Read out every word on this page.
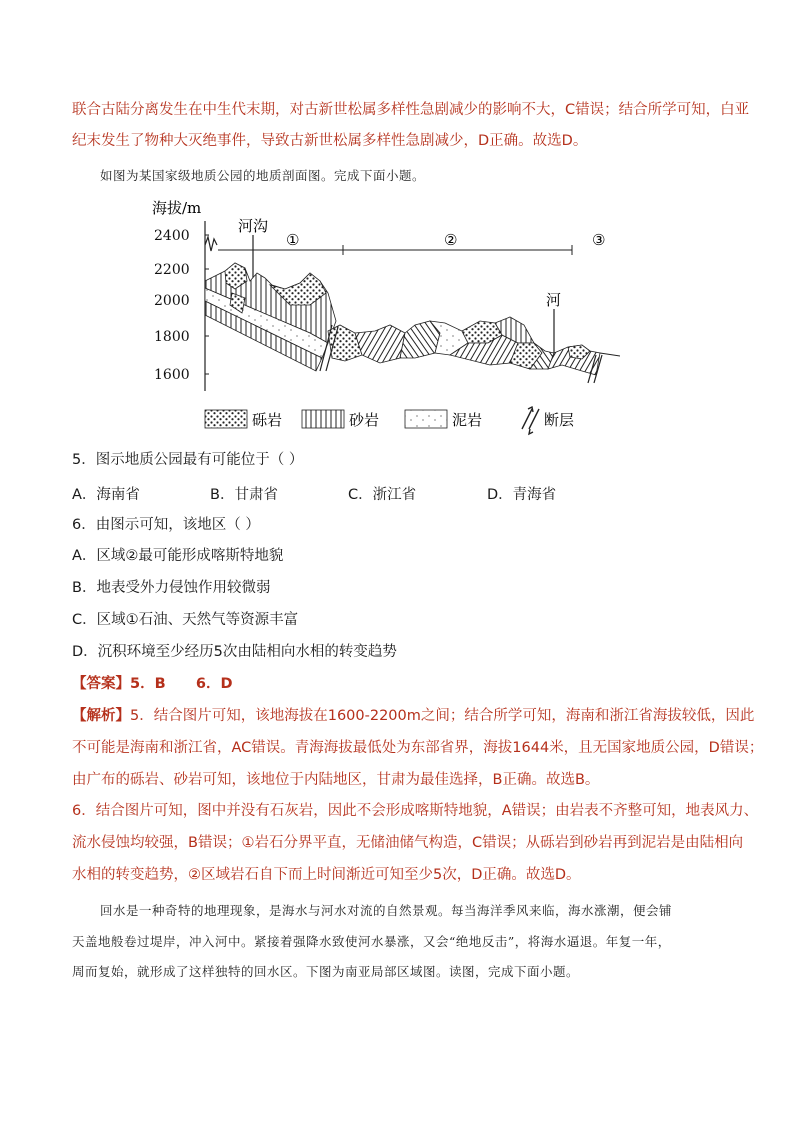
联合古陆分离发生在中生代末期，对古新世松属多样性急剧减少的影响不大，C错误；结合所学可知，白亚
纪末发生了物种大灭绝事件，导致古新世松属多样性急剧减少，D正确。故选D。
如图为某国家级地质公园的地质剖面图。完成下面小题。
海拔/m
2400
2200
2000
1800
1600
①	②	③
河沟
河
砾岩	砂岩	泥岩	断层
5．图示地质公园最有可能位于（ ）
A．海南省	B．甘肃省	C．浙江省	D．青海省
6．由图示可知，该地区（ ）
A．区域②最可能形成喀斯特地貌
B．地表受外力侵蚀作用较微弱
C．区域①石油、天然气等资源丰富
D．沉积环境至少经历5次由陆相向水相的转变趋势
【答案】5．B      6．D
【解析】5．结合图片可知，该地海拔在1600-2200m之间；结合所学可知，海南和浙江省海拔较低，因此
不可能是海南和浙江省，AC错误。青海海拔最低处为东部省界，海拔1644米，且无国家地质公园，D错误；
由广布的砾岩、砂岩可知，该地位于内陆地区，甘肃为最佳选择，B正确。故选B。
6．结合图片可知，图中并没有石灰岩，因此不会形成喀斯特地貌，A错误；由岩表不齐整可知，地表风力、
流水侵蚀均较强，B错误；①岩石分界平直，无储油储气构造，C错误；从砾岩到砂岩再到泥岩是由陆相向
水相的转变趋势，②区域岩石自下而上时间渐近可知至少5次，D正确。故选D。
回水是一种奇特的地理现象，是海水与河水对流的自然景观。每当海洋季风来临，海水涨潮，便会铺
天盖地般卷过堤岸，冲入河中。紧接着强降水致使河水暴涨，又会“绝地反击”，将海水逼退。年复一年，
周而复始，就形成了这样独特的回水区。下图为南亚局部区域图。读图，完成下面小题。
